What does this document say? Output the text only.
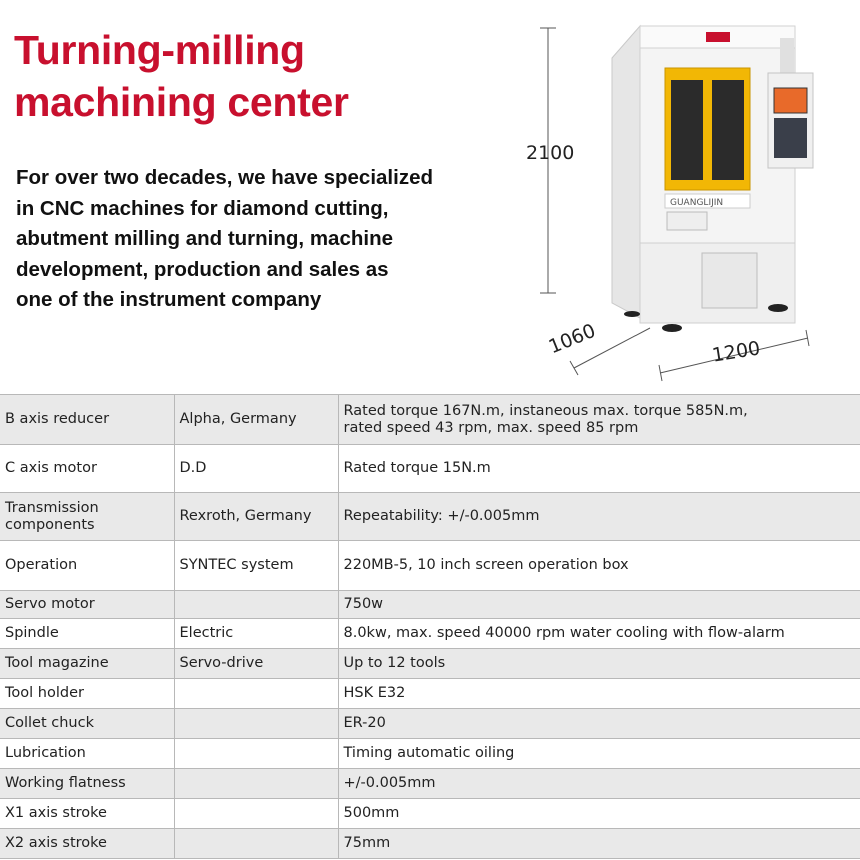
Turning-milling
machining center
For over two decades, we have specialized
in CNC machines for diamond cutting,
abutment milling and turning, machine
development, production and sales as
one of the instrument company
GUANGLIJIN
2100
1060	1200
B axis reducer	Alpha, Germany	Rated torque 167N.m, instaneous max. torque 585N.m,
rated speed 43 rpm, max. speed 85 rpm

C axis motor	D.D	Rated torque 15N.m

Transmission
components	Rexroth, Germany	Repeatability: +/-0.005mm
Operation	SYNTEC system	220MB-5, 10 inch screen operation box
Servo motor		750w
Spindle	Electric	8.0kw, max. speed 40000 rpm water cooling with flow-alarm
Tool magazine	Servo-drive	Up to 12 tools
Tool holder		HSK E32
Collet chuck		ER-20
Lubrication		Timing automatic oiling
Working flatness		+/-0.005mm
X1 axis stroke		500mm
X2 axis stroke		75mm
